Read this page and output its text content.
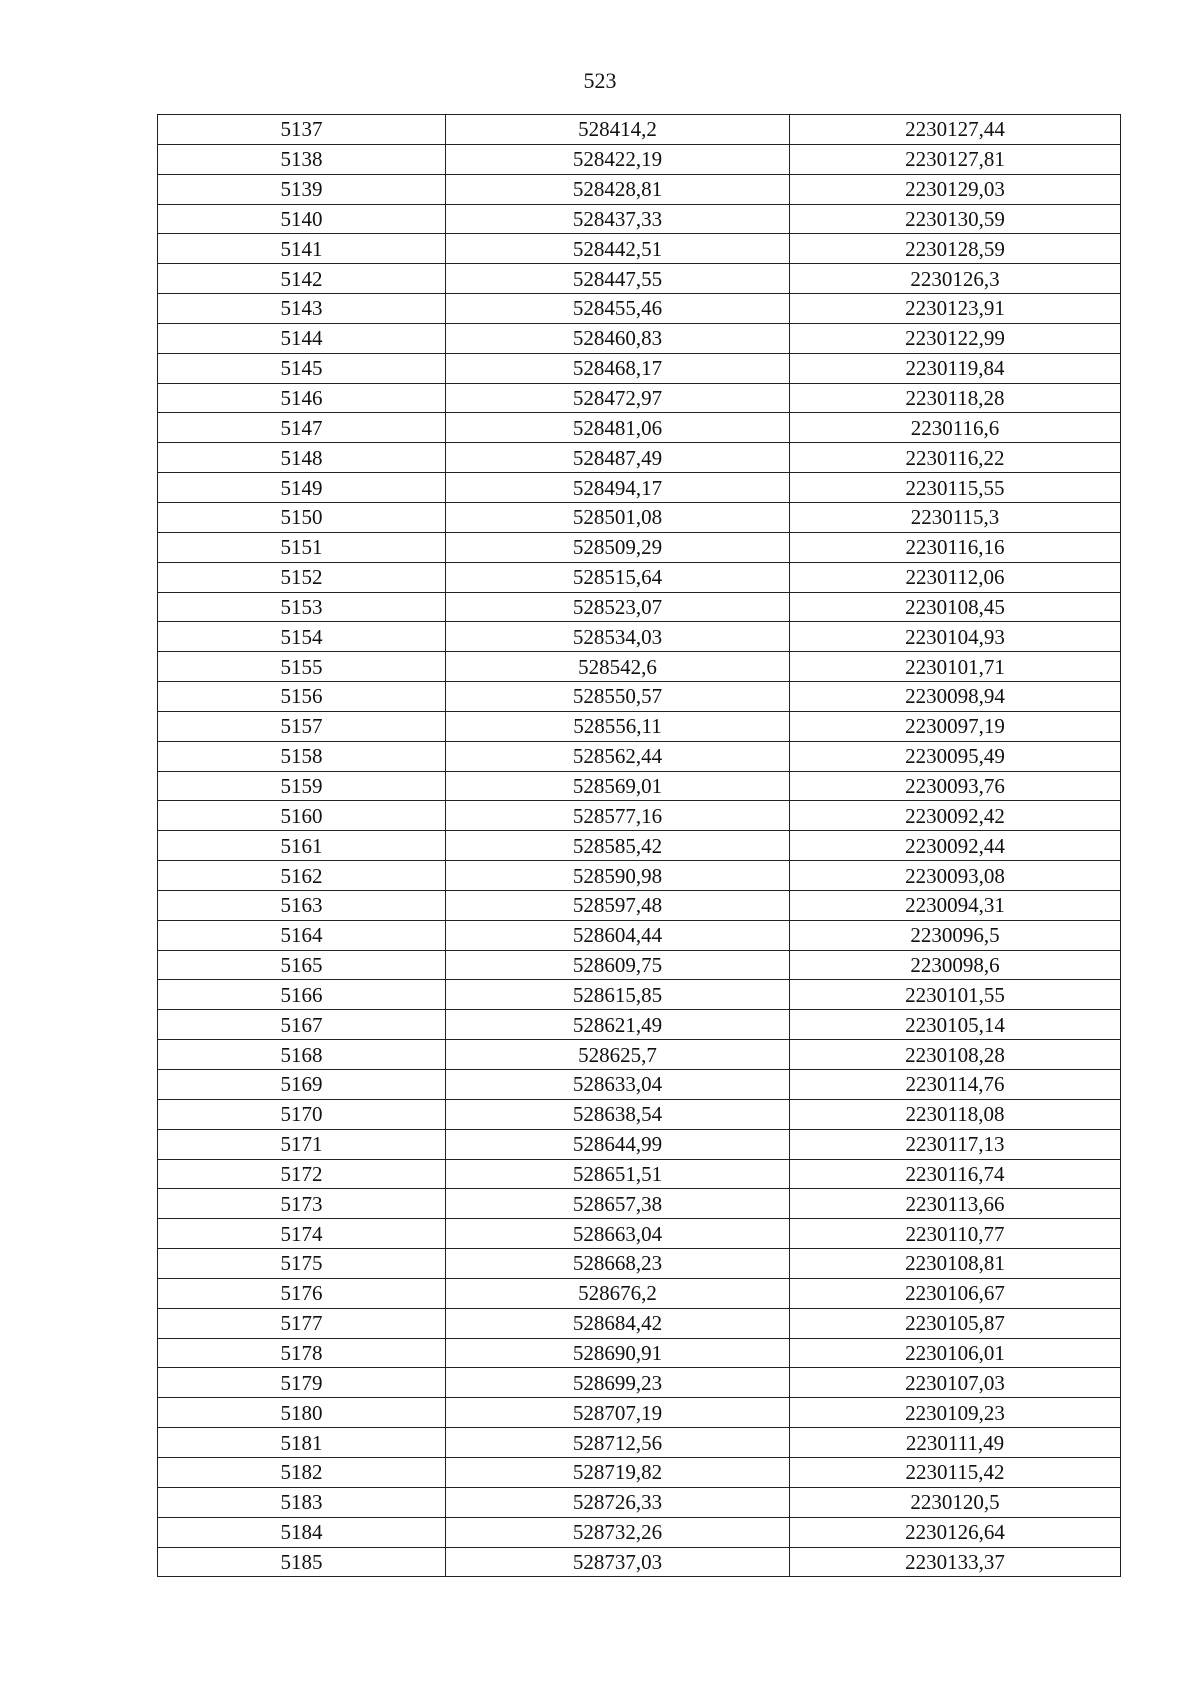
523
5137	528414,2	2230127,44
5138	528422,19	2230127,81
5139	528428,81	2230129,03
5140	528437,33	2230130,59
5141	528442,51	2230128,59
5142	528447,55	2230126,3
5143	528455,46	2230123,91
5144	528460,83	2230122,99
5145	528468,17	2230119,84
5146	528472,97	2230118,28
5147	528481,06	2230116,6
5148	528487,49	2230116,22
5149	528494,17	2230115,55
5150	528501,08	2230115,3
5151	528509,29	2230116,16
5152	528515,64	2230112,06
5153	528523,07	2230108,45
5154	528534,03	2230104,93
5155	528542,6	2230101,71
5156	528550,57	2230098,94
5157	528556,11	2230097,19
5158	528562,44	2230095,49
5159	528569,01	2230093,76
5160	528577,16	2230092,42
5161	528585,42	2230092,44
5162	528590,98	2230093,08
5163	528597,48	2230094,31
5164	528604,44	2230096,5
5165	528609,75	2230098,6
5166	528615,85	2230101,55
5167	528621,49	2230105,14
5168	528625,7	2230108,28
5169	528633,04	2230114,76
5170	528638,54	2230118,08
5171	528644,99	2230117,13
5172	528651,51	2230116,74
5173	528657,38	2230113,66
5174	528663,04	2230110,77
5175	528668,23	2230108,81
5176	528676,2	2230106,67
5177	528684,42	2230105,87
5178	528690,91	2230106,01
5179	528699,23	2230107,03
5180	528707,19	2230109,23
5181	528712,56	2230111,49
5182	528719,82	2230115,42
5183	528726,33	2230120,5
5184	528732,26	2230126,64
5185	528737,03	2230133,37
